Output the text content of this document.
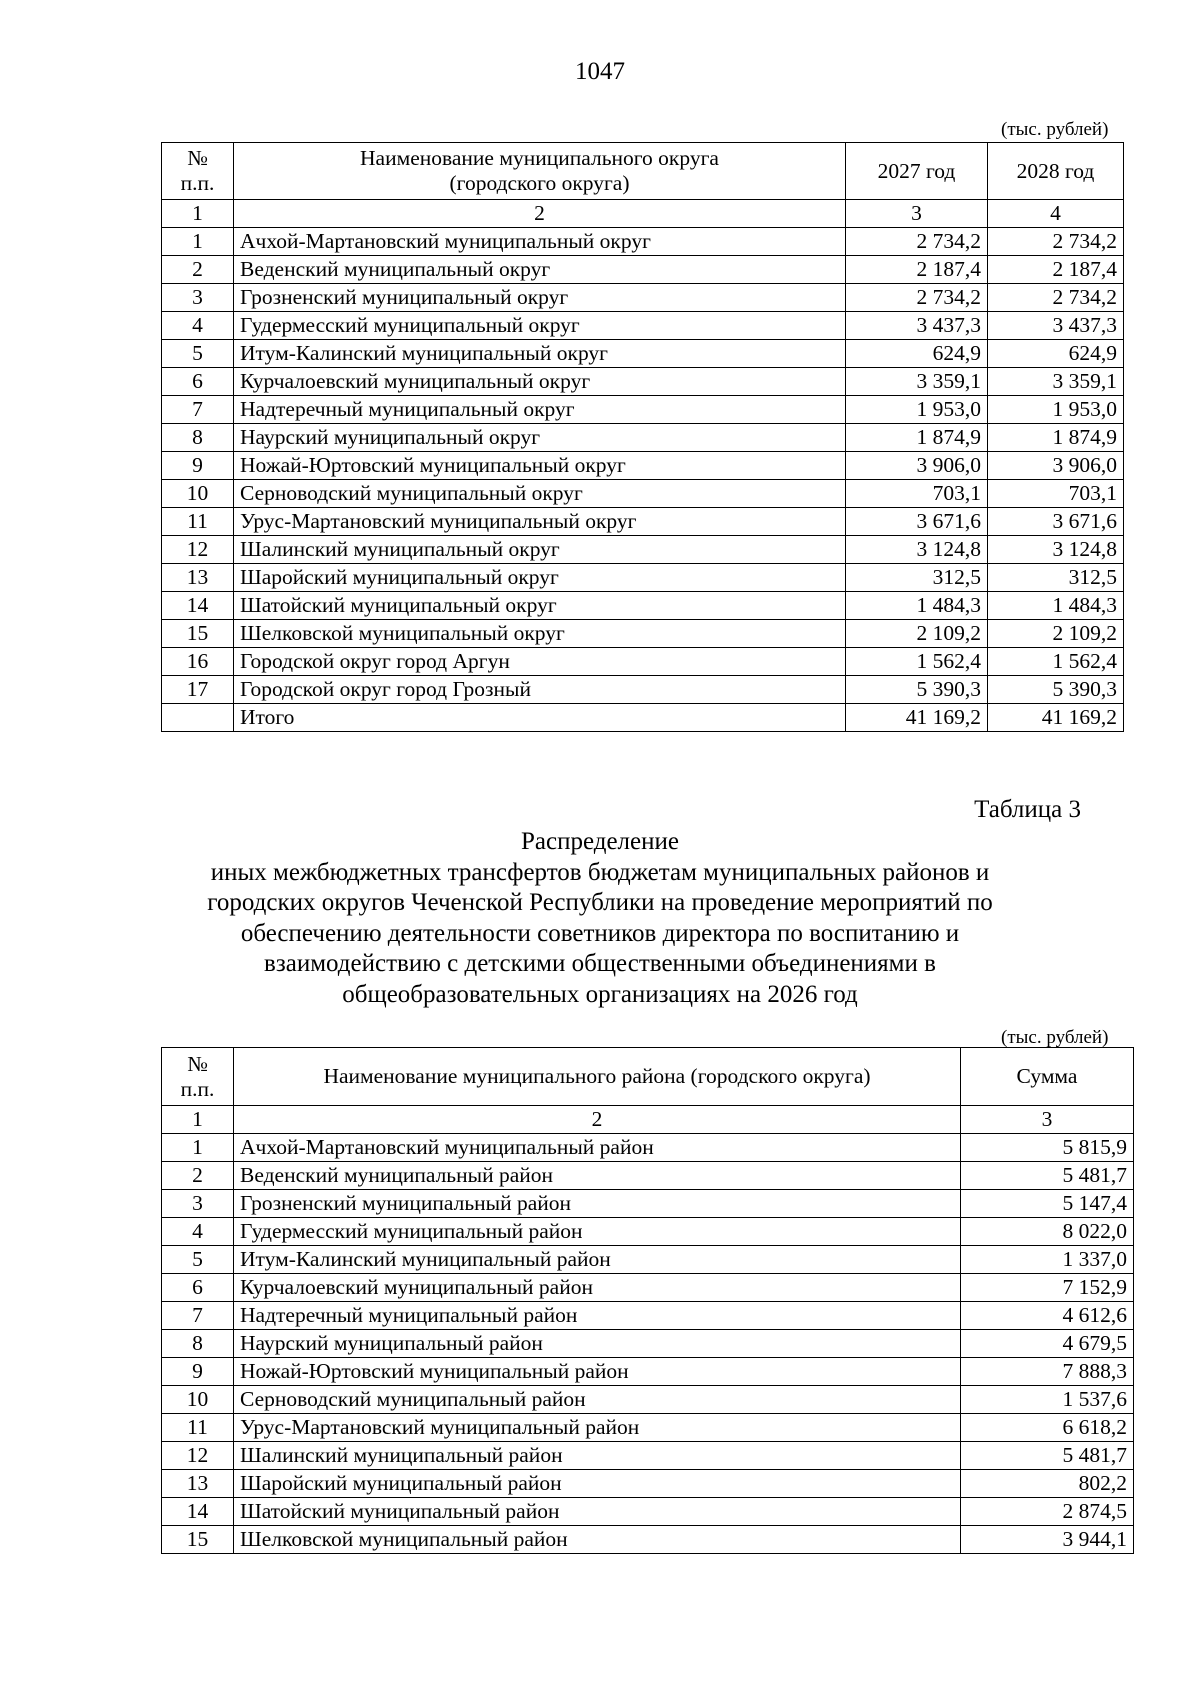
1047
(тыс. рублей)
№
п.п.	Наименование муниципального округа
(городского округа)	2027 год	2028 год
1	2	3	4
1	Ачхой-Мартановский муниципальный округ	2 734,2	2 734,2
2	Веденский муниципальный округ	2 187,4	2 187,4
3	Грозненский муниципальный округ	2 734,2	2 734,2
4	Гудермесский муниципальный округ	3 437,3	3 437,3
5	Итум-Калинский муниципальный округ	624,9	624,9
6	Курчалоевский муниципальный округ	3 359,1	3 359,1
7	Надтеречный муниципальный округ	1 953,0	1 953,0
8	Наурский муниципальный округ	1 874,9	1 874,9
9	Ножай-Юртовский муниципальный округ	3 906,0	3 906,0
10	Серноводский муниципальный округ	703,1	703,1
11	Урус-Мартановский муниципальный округ	3 671,6	3 671,6
12	Шалинский муниципальный округ	3 124,8	3 124,8
13	Шаройский муниципальный округ	312,5	312,5
14	Шатойский муниципальный округ	1 484,3	1 484,3
15	Шелковской муниципальный округ	2 109,2	2 109,2
16	Городской округ город Аргун	1 562,4	1 562,4
17	Городской округ город Грозный	5 390,3	5 390,3
	Итого	41 169,2	41 169,2
Таблица 3
Распределение
иных межбюджетных трансфертов бюджетам муниципальных районов и
городских округов Чеченской Республики на проведение мероприятий по
обеспечению деятельности советников директора по воспитанию и
взаимодействию с детскими общественными объединениями в
общеобразовательных организациях на 2026 год
(тыс. рублей)
№
п.п.	Наименование муниципального района (городского округа)	Сумма
1	2	3
1	Ачхой-Мартановский муниципальный район	5 815,9
2	Веденский муниципальный район	5 481,7
3	Грозненский муниципальный район	5 147,4
4	Гудермесский муниципальный район	8 022,0
5	Итум-Калинский муниципальный район	1 337,0
6	Курчалоевский муниципальный район	7 152,9
7	Надтеречный муниципальный район	4 612,6
8	Наурский муниципальный район	4 679,5
9	Ножай-Юртовский муниципальный район	7 888,3
10	Серноводский муниципальный район	1 537,6
11	Урус-Мартановский муниципальный район	6 618,2
12	Шалинский муниципальный район	5 481,7
13	Шаройский муниципальный район	802,2
14	Шатойский муниципальный район	2 874,5
15	Шелковской муниципальный район	3 944,1
